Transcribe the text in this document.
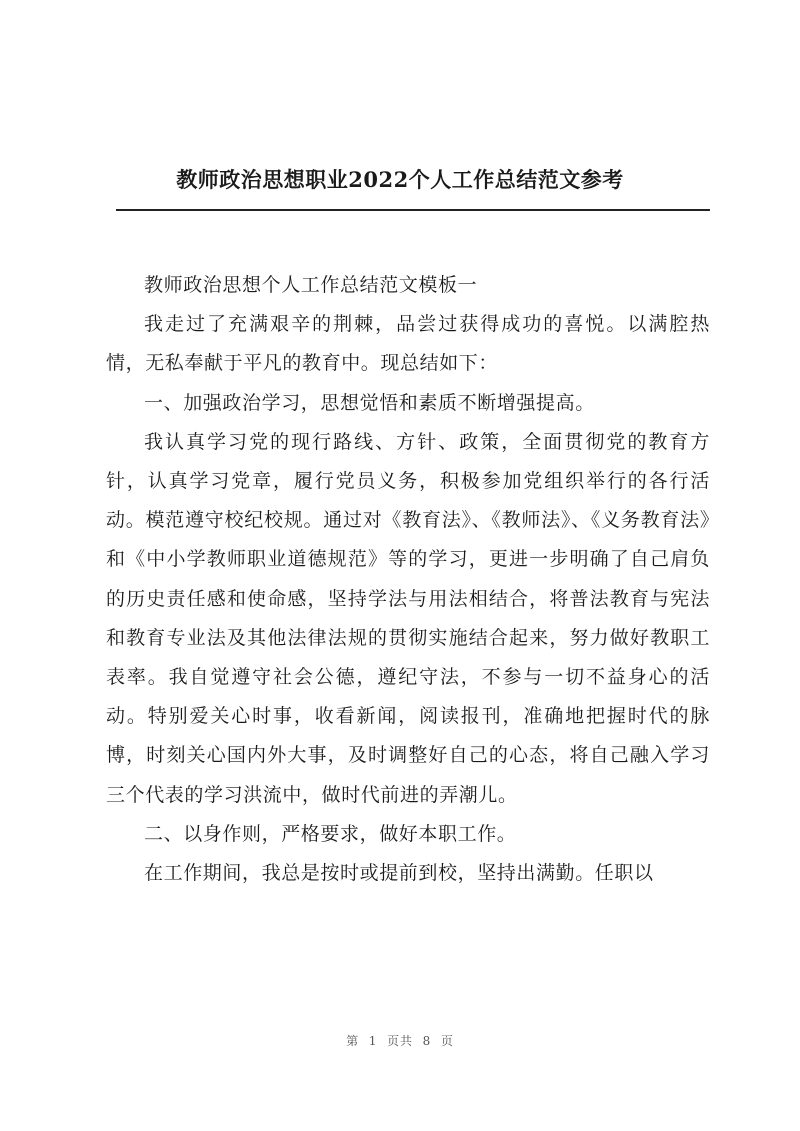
教师政治思想职业2022个人工作总结范文参考

教师政治思想个人工作总结范文模板一

我走过了充满艰辛的荆棘，品尝过获得成功的喜悦。以满腔热情，无私奉献于平凡的教育中。现总结如下：

一、加强政治学习，思想觉悟和素质不断增强提高。

我认真学习党的现行路线、方针、政策，全面贯彻党的教育方针，认真学习党章，履行党员义务，积极参加党组织举行的各行活动。模范遵守校纪校规。通过对《教育法》、《教师法》、《义务教育法》和《中小学教师职业道德规范》等的学习，更进一步明确了自己肩负的历史责任感和使命感，坚持学法与用法相结合，将普法教育与宪法和教育专业法及其他法律法规的贯彻实施结合起来，努力做好教职工表率。我自觉遵守社会公德，遵纪守法，不参与一切不益身心的活动。特别爱关心时事，收看新闻，阅读报刊，准确地把握时代的脉博，时刻关心国内外大事，及时调整好自己的心态，将自己融入学习三个代表的学习洪流中，做时代前进的弄潮儿。

二、以身作则，严格要求，做好本职工作。

在工作期间，我总是按时或提前到校，坚持出满勤。任职以

第  1  页共  8  页
